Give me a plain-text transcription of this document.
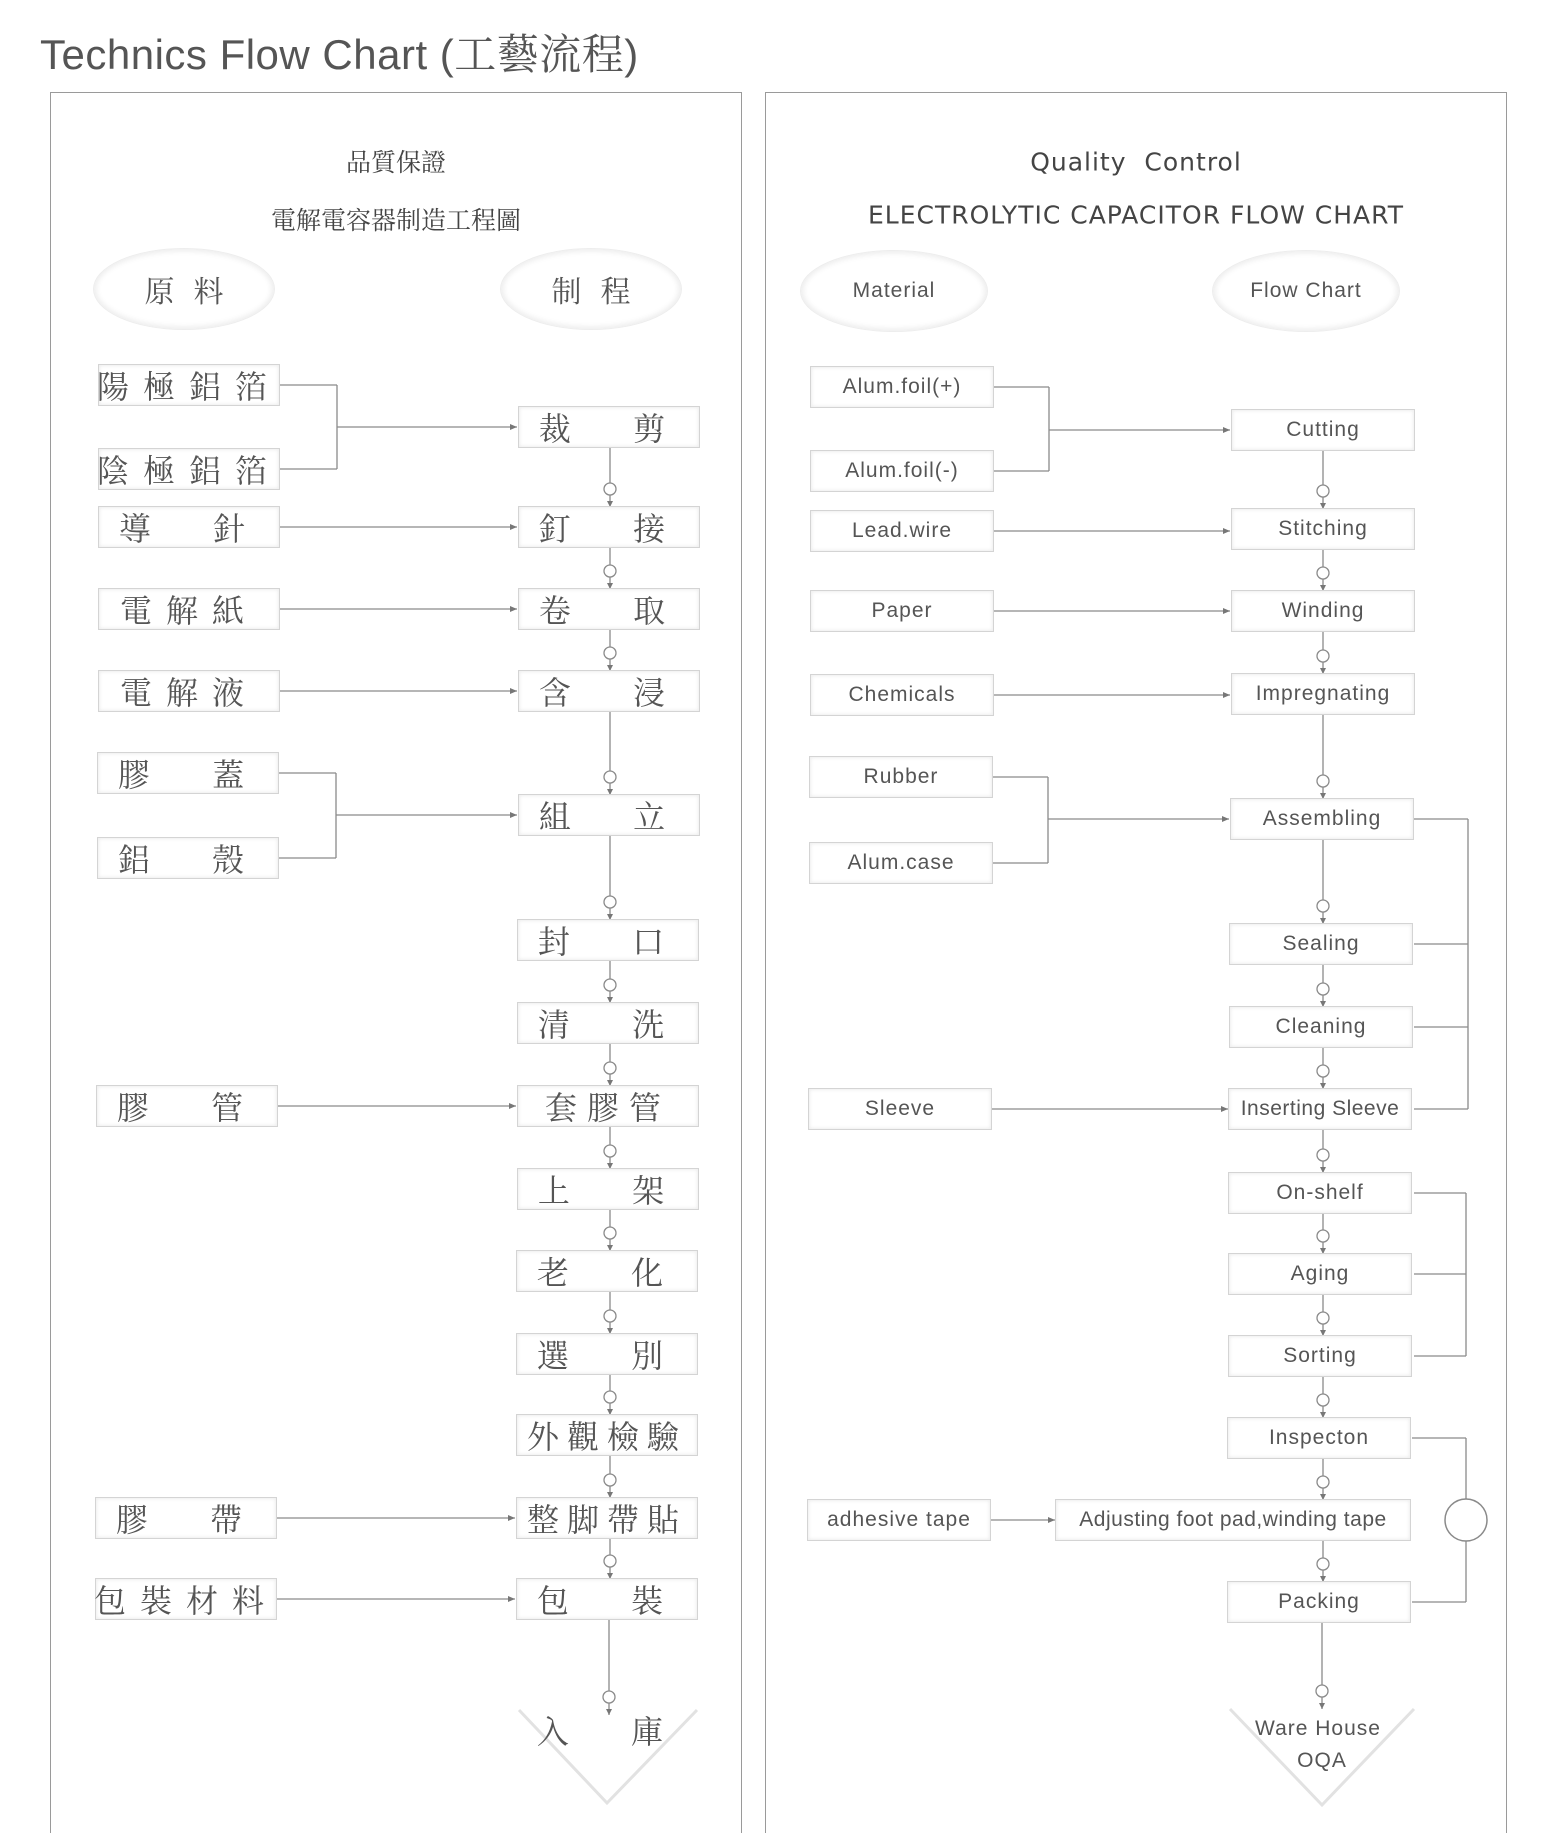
Technics Flow Chart (工藝流程)
品質保證
電解電容器制造工程圖
原  料	制  程
陽極鋁箔
陰極鋁箔
導  針
電解紙
電解液
膠  蓋
鋁  殼
膠  管
膠  帶
包裝材料
裁  剪
釘  接
卷  取
含  浸
組  立
封  口
清  洗
套膠管
上  架
老  化
選  別
外觀檢驗
整脚帶貼
包  裝
入  庫
Quality  Control
ELECTROLYTIC CAPACITOR FLOW CHART
Material	Flow Chart
Alum.foil(+)
Alum.foil(-)
Lead.wire
Paper
Chemicals
Rubber
Alum.case
Sleeve
adhesive tape
Cutting
Stitching
Winding
Impregnating
Assembling
Sealing
Cleaning
Inserting Sleeve
On-shelf
Aging
Sorting
Inspecton
Adjusting foot pad,winding tape
Packing
Ware House
OQA
